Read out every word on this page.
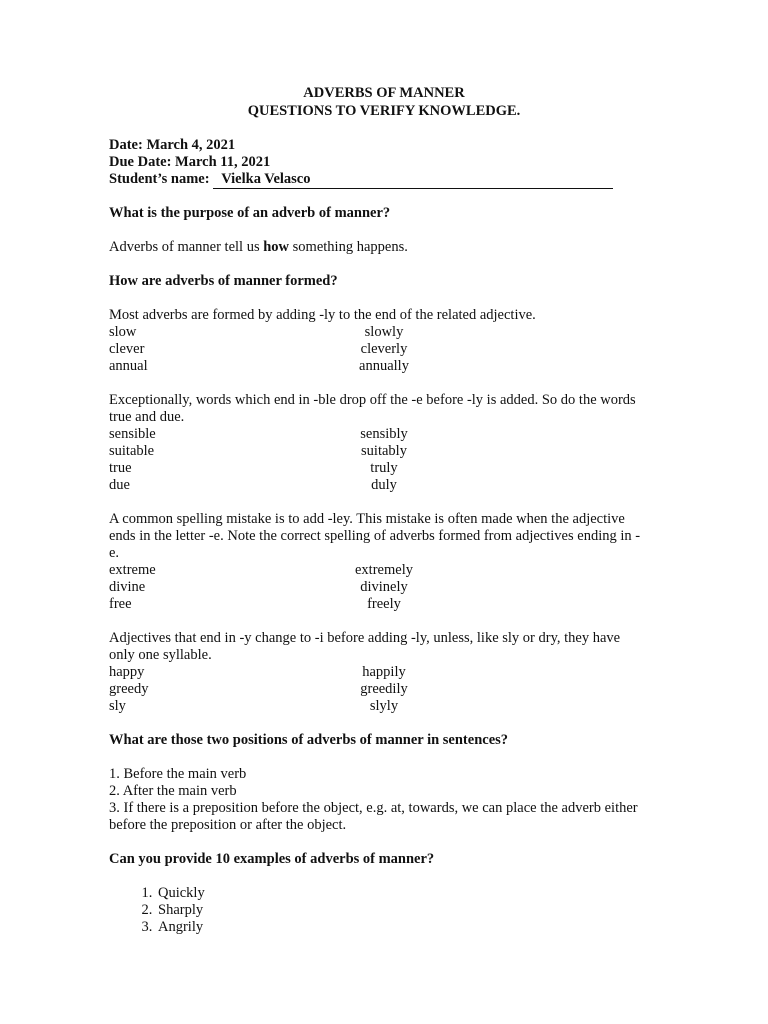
ADVERBS OF MANNER
QUESTIONS TO VERIFY KNOWLEDGE.
Date: March 4, 2021
Due Date: March 11, 2021
Student’s name: Vielka Velasco

What is the purpose of an adverb of manner?

Adverbs of manner tell us how something happens.

How are adverbs of manner formed?

Most adverbs are formed by adding -ly to the end of the related adjective.

slow	slowly
clever	cleverly
annual	annually

Exceptionally, words which end in -ble drop off the -e before -ly is added. So do the words true and due.

sensible	sensibly
suitable	suitably
true	truly
due	duly

A common spelling mistake is to add -ley. This mistake is often made when the adjective ends in the letter -e. Note the correct spelling of adverbs formed from adjectives ending in -e.

extreme	extremely
divine	divinely
free	freely

Adjectives that end in -y change to -i before adding -ly, unless, like sly or dry, they have only one syllable.

happy	happily
greedy	greedily
sly	slyly

What are those two positions of adverbs of manner in sentences?

1. Before the main verb

2. After the main verb

3. If there is a preposition before the object, e.g. at, towards, we can place the adverb either before the preposition or after the object.

Can you provide 10 examples of adverbs of manner?

1. Quickly
2. Sharply
3. Angrily
